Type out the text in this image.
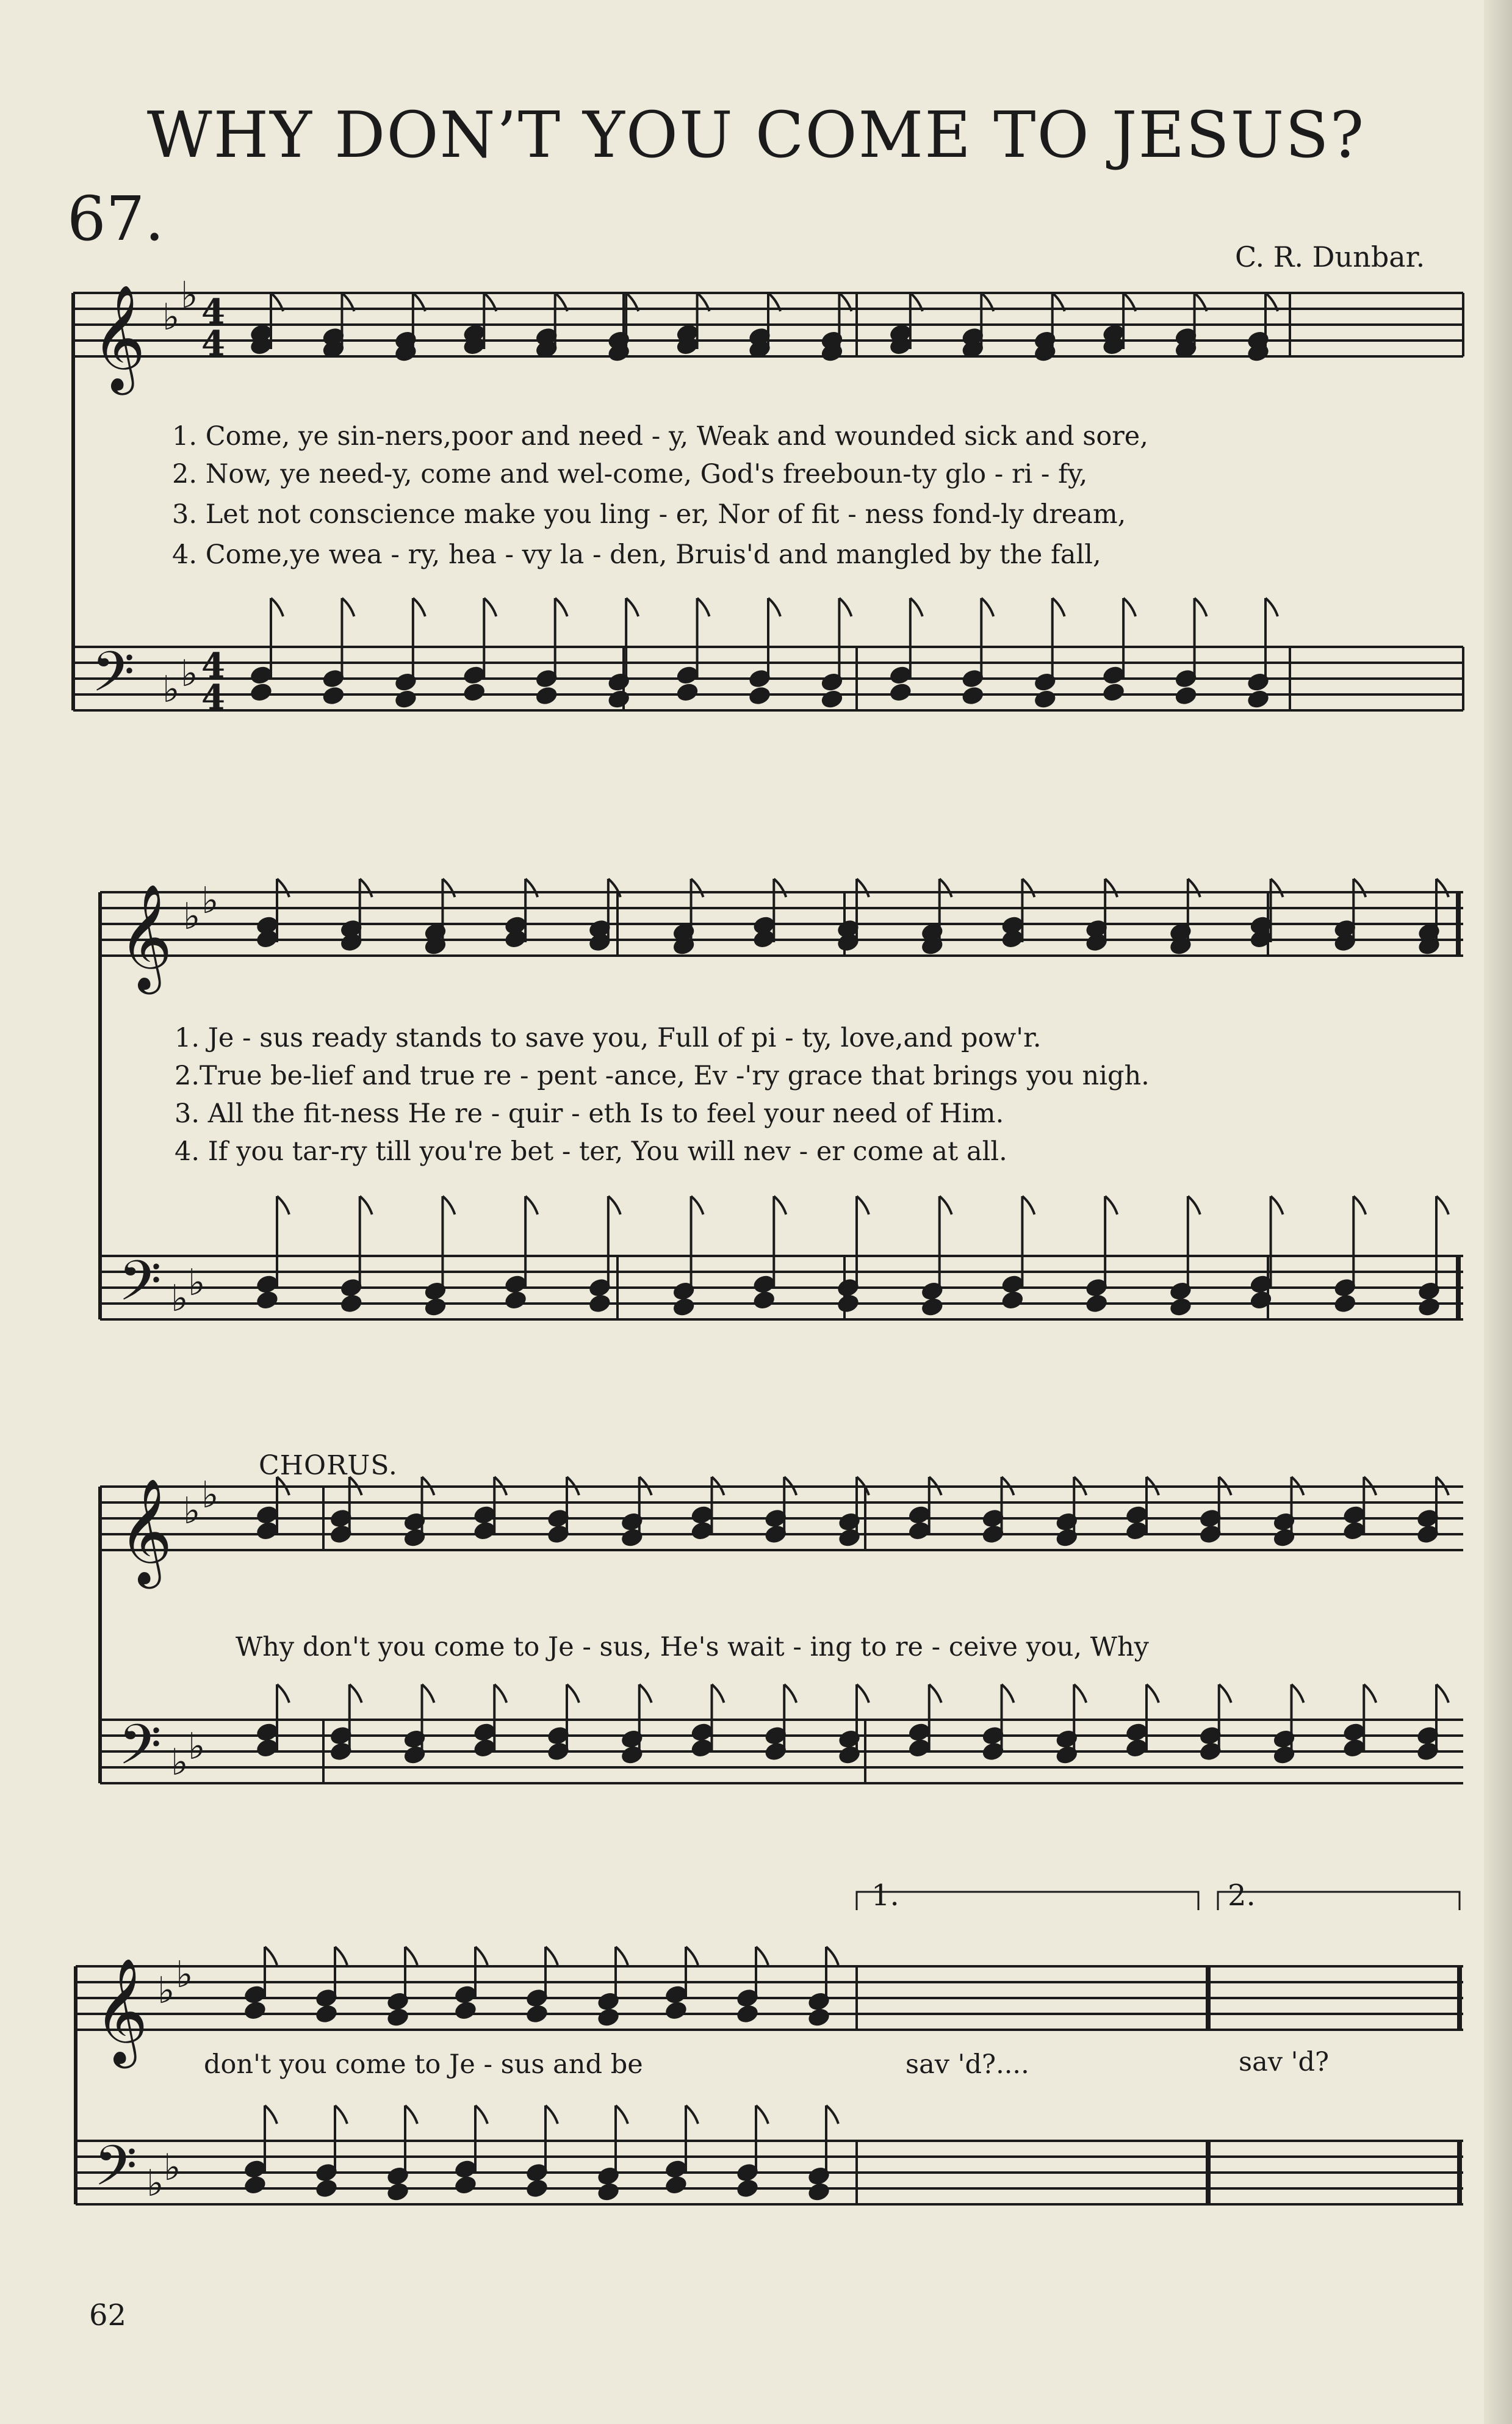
WHY DON’T YOU COME TO JESUS?
67.
C. R. Dunbar.
𝄞
𝄢
𝄞
𝄢
𝄞
𝄢
𝄞
𝄢
♭
♭ 4
4
♭ ♭ 4
4
♭ ♭
♭ ♭
♭ ♭
♭ ♭
♭ ♭
♭ ♭
1. Come, ye sin-ners,poor and need - y, Weak and wounded sick and sore,
2. Now, ye need-y, come and wel-come, God's freeboun-ty glo - ri - fy,
3. Let not conscience make you ling - er, Nor of fit - ness fond-ly dream,
4. Come,ye wea - ry, hea - vy la - den, Bruis'd and mangled by the fall,
1. Je - sus ready stands to save you, Full of pi - ty, love,and pow'r.
2.True be-lief and true re - pent -ance, Ev -'ry grace that brings you nigh.
3. All the fit-ness He re - quir - eth Is to feel your need of Him.
4. If you tar-ry till you're bet - ter, You will nev - er come at all.
CHORUS.
Why don't you come to Je - sus, He's wait - ing to re - ceive you, Why
don't you come to Je - sus and be	sav 'd?....	sav 'd?
1.	2.
62
